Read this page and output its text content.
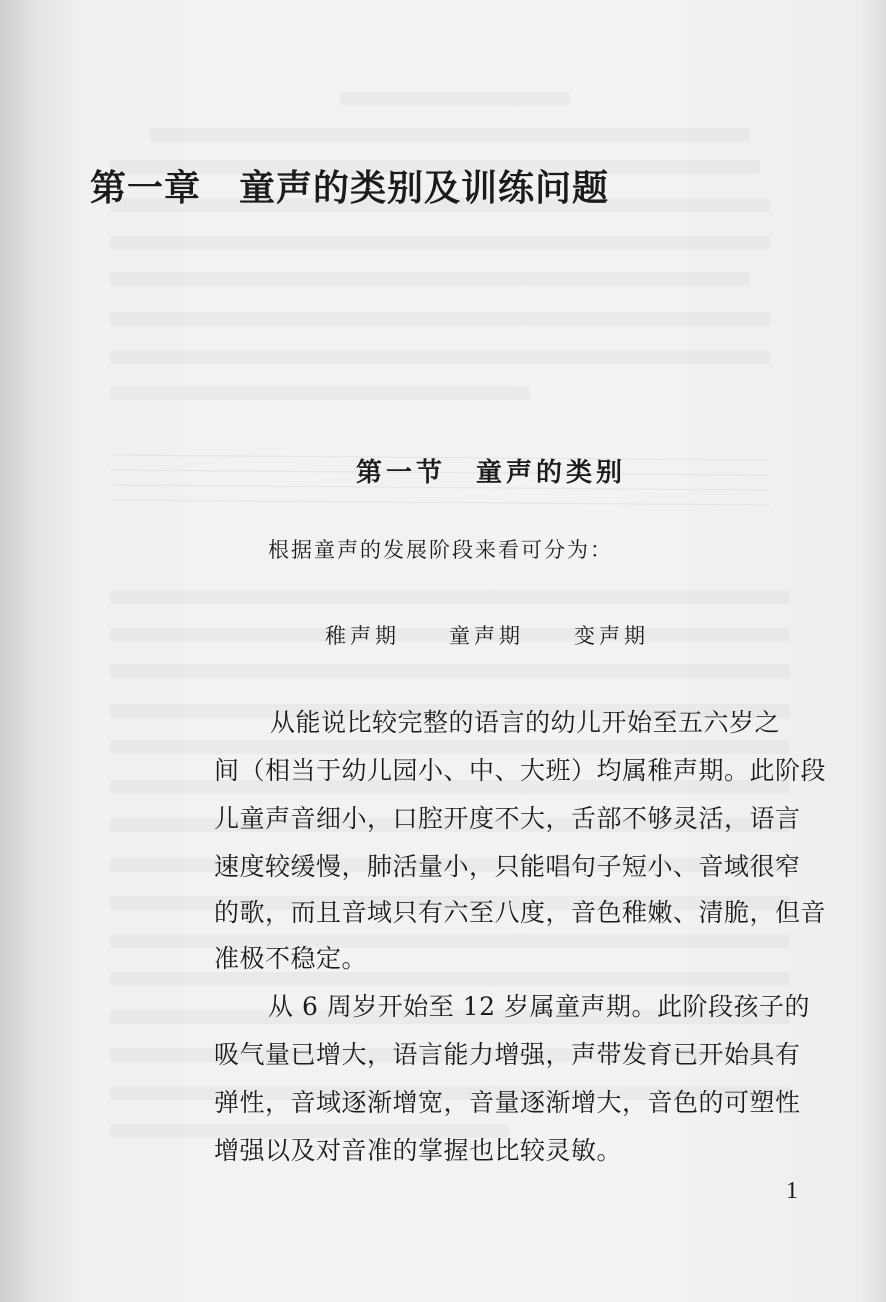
第一章 童声的类别及训练问题
第一节 童声的类别
根据童声的发展阶段来看可分为：
稚声期 童声期 变声期
从能说比较完整的语言的幼儿开始至五六岁之
间（相当于幼儿园小、中、大班）均属稚声期。此阶段
儿童声音细小，口腔开度不大，舌部不够灵活，语言
速度较缓慢，肺活量小，只能唱句子短小、音域很窄
的歌，而且音域只有六至八度，音色稚嫩、清脆，但音
准极不稳定。
从 6 周岁开始至 12 岁属童声期。此阶段孩子的
吸气量已增大，语言能力增强，声带发育已开始具有
弹性，音域逐渐增宽，音量逐渐增大，音色的可塑性
增强以及对音准的掌握也比较灵敏。
1
